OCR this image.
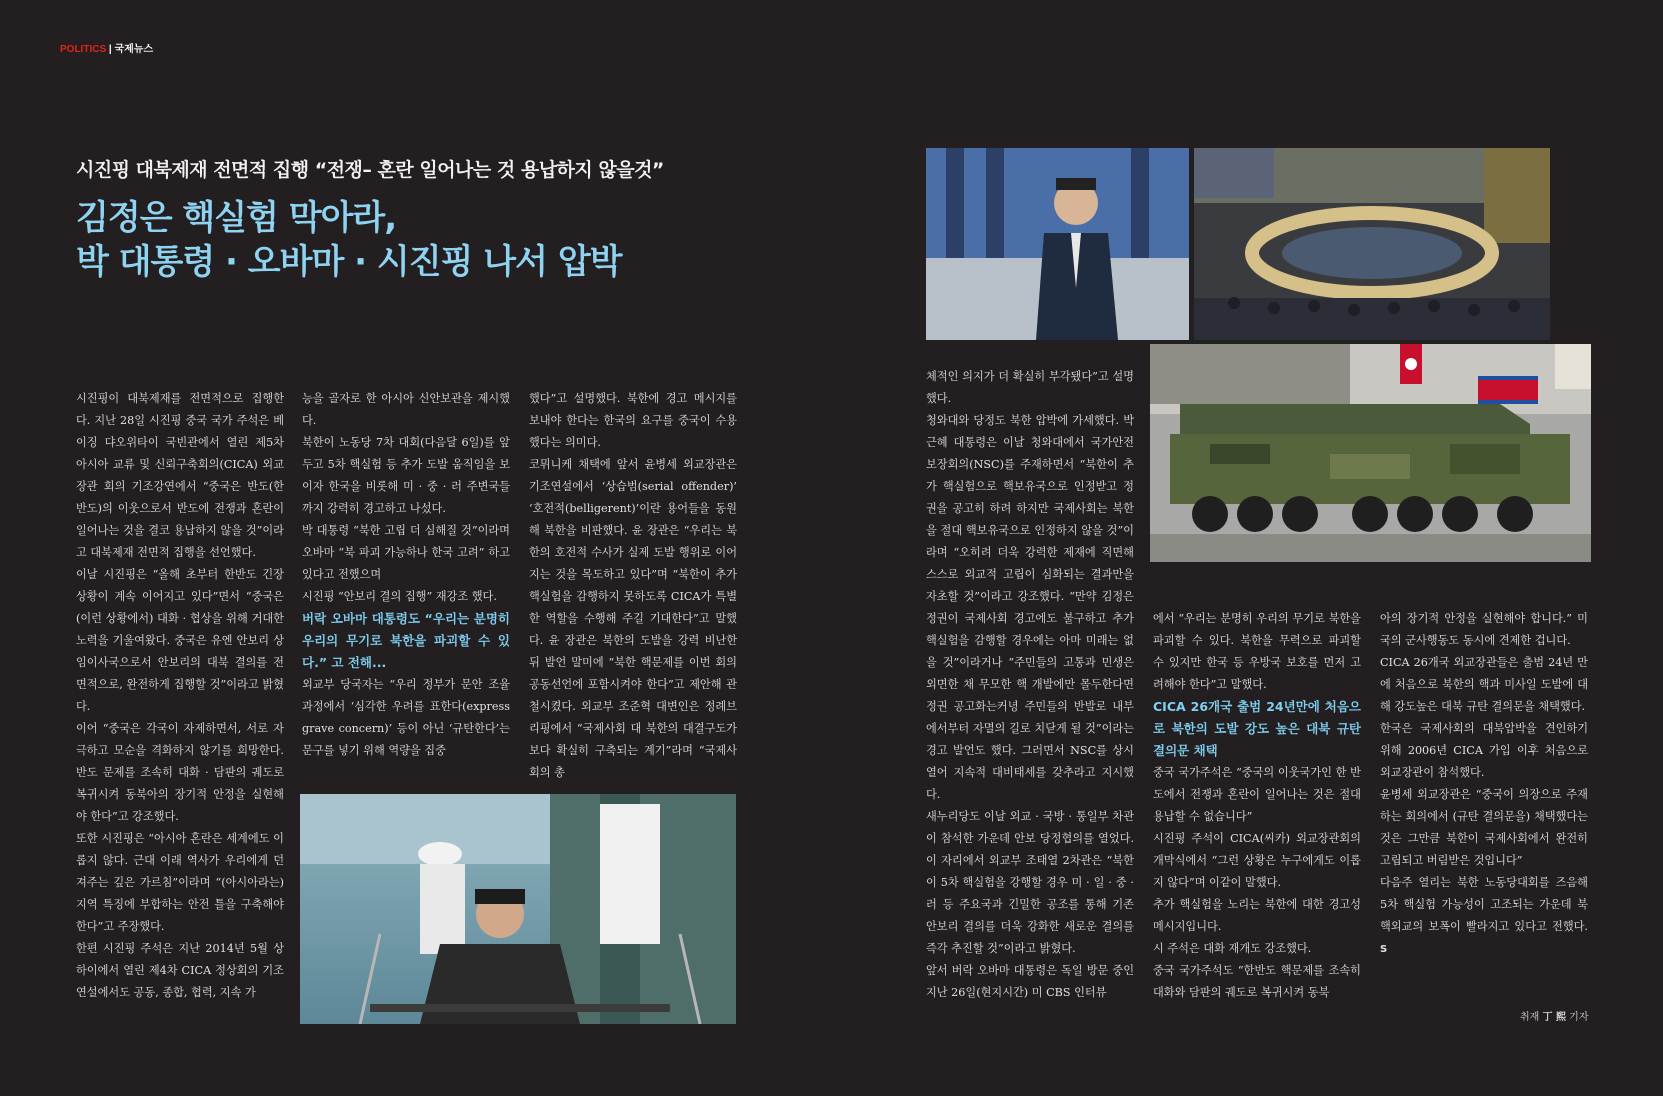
POLITICS | 국제뉴스
시진핑 대북제재 전면적 집행 “전쟁– 혼란 일어나는 것 용납하지 않을것”
김정은 핵실험 막아라,
박 대통령 · 오바마 · 시진핑 나서 압박

시진핑이 대북제재를 전면적으로 집행한다. 지난 28일 시진핑 중국 국가 주석은 베이징 댜오위타이 국빈관에서 열린 제5차 아시아 교류 및 신뢰구축회의(CICA) 외교장관 회의 기조강연에서 “중국은 반도(한반도)의 이웃으로서 반도에 전쟁과 혼란이 일어나는 것을 결코 용납하지 않을 것”이라고 대북제재 전면적 집행을 선언했다.

이날 시진핑은 “올해 초부터 한반도 긴장 상황이 계속 이어지고 있다”면서 “중국은 (이런 상황에서) 대화 · 협상을 위해 거대한 노력을 기울여왔다. 중국은 유엔 안보리 상임이사국으로서 안보리의 대북 결의를 전면적으로, 완전하게 집행할 것”이라고 밝혔다.

이어 “중국은 각국이 자제하면서, 서로 자극하고 모순을 격화하지 않기를 희망한다. 반도 문제를 조속히 대화 · 담판의 궤도로 복귀시켜 동북아의 장기적 안정을 실현해야 한다”고 강조했다.

또한 시진핑은 “아시아 혼란은 세계에도 이롭지 않다. 근대 이래 역사가 우리에게 던져주는 깊은 가르침”이라며 “(아시아라는) 지역 특징에 부합하는 안전 틀을 구축해야 한다”고 주장했다.

한편 시진핑 주석은 지난 2014년 5월 상하이에서 열린 제4차 CICA 정상회의 기조연설에서도 공동, 종합, 협력, 지속 가

능을 골자로 한 아시아 신안보관을 제시했다.

북한이 노동당 7차 대회(다음달 6일)를 앞두고 5차 핵실험 등 추가 도발 움직임을 보이자 한국을 비롯해 미 · 중 · 러 주변국들까지 강력히 경고하고 나섰다.

박 대통령 “북한 고립 더 심해질 것”이라며 오바마 “북 파괴 가능하나 한국 고려” 하고 있다고 전했으며

시진핑 “안보리 결의 집행” 재강조 했다.

버락 오바마 대통령도 “우리는 분명히 우리의 무기로 북한을 파괴할 수 있다.” 고 전해...

외교부 당국자는 “우리 정부가 문안 조율 과정에서 ‘심각한 우려를 표한다(express grave concern)’ 등이 아닌 ‘규탄한다’는 문구를 넣기 위해 역량을 집중

했다”고 설명했다. 북한에 경고 메시지를 보내야 한다는 한국의 요구를 중국이 수용했다는 의미다.

코뮈니케 채택에 앞서 윤병세 외교장관은 기조연설에서 ‘상습범(serial offender)’ ‘호전적(belligerent)’이란 용어들을 동원해 북한을 비판했다. 윤 장관은 “우리는 북한의 호전적 수사가 실제 도발 행위로 이어지는 것을 목도하고 있다”며 “북한이 추가 핵실험을 감행하지 못하도록 CICA가 특별한 역할을 수행해 주길 기대한다”고 말했다. 윤 장관은 북한의 도발을 강력 비난한 뒤 발언 말미에 “북한 핵문제를 이번 회의 공동선언에 포함시켜야 한다”고 제안해 관철시켰다. 외교부 조준혁 대변인은 정례브리핑에서 “국제사회 대 북한의 대결구도가 보다 확실히 구축되는 계기”라며 “국제사회의 총

체적인 의지가 더 확실히 부각됐다”고 설명했다.

청와대와 당정도 북한 압박에 가세했다. 박근혜 대통령은 이날 청와대에서 국가안전보장회의(NSC)를 주재하면서 “북한이 추가 핵실험으로 핵보유국으로 인정받고 정권을 공고히 하려 하지만 국제사회는 북한을 절대 핵보유국으로 인정하지 않을 것”이라며 “오히려 더욱 강력한 제재에 직면해 스스로 외교적 고립이 심화되는 결과만을 자초할 것”이라고 강조했다. “만약 김정은 정권이 국제사회 경고에도 불구하고 추가 핵실험을 감행할 경우에는 아마 미래는 없을 것”이라거나 “주민들의 고통과 민생은 외면한 채 무모한 핵 개발에만 몰두한다면 정권 공고화는커녕 주민들의 반발로 내부에서부터 자멸의 길로 치닫게 될 것”이라는 경고 발언도 했다. 그러면서 NSC를 상시 열어 지속적 대비태세를 갖추라고 지시했다.

새누리당도 이날 외교 · 국방 · 통일부 차관이 참석한 가운데 안보 당정협의를 열었다. 이 자리에서 외교부 조태열 2차관은 “북한이 5차 핵실험을 강행할 경우 미 · 일 · 중 · 러 등 주요국과 긴밀한 공조를 통해 기존 안보리 결의를 더욱 강화한 새로운 결의를 즉각 추진할 것”이라고 밝혔다.

앞서 버락 오바마 대통령은 독일 방문 중인 지난 26일(현지시간) 미 CBS 인터뷰

에서 “우리는 분명히 우리의 무기로 북한을 파괴할 수 있다. 북한을 무력으로 파괴할 수 있지만 한국 등 우방국 보호를 먼저 고려해야 한다”고 말했다.

CICA 26개국 출범 24년만에 처음으로 북한의 도발 강도 높은 대북 규탄 결의문 채택

중국 국가주석은 “중국의 이웃국가인 한 반도에서 전쟁과 혼란이 일어나는 것은 절대 용납할 수 없습니다”

시진핑 주석이 CICA(씨카) 외교장관회의 개막식에서 “그런 상황은 누구에게도 이롭지 않다”며 이같이 말했다.

추가 핵실험을 노리는 북한에 대한 경고성 메시지입니다.

시 주석은 대화 재개도 강조했다.

중국 국가주석도 “한반도 핵문제를 조속히 대화와 담판의 궤도로 복귀시켜 동북

아의 장기적 안정을 실현해야 합니다.” 미국의 군사행동도 동시에 견제한 겁니다.

CICA 26개국 외교장관들은 출범 24년 만에 처음으로 북한의 핵과 미사일 도발에 대해 강도높은 대북 규탄 결의문을 채택했다.

한국은 국제사회의 대북압박을 견인하기 위해 2006년 CICA 가입 이후 처음으로 외교장관이 참석했다.

윤병세 외교장관은 “중국이 의장으로 주재하는 회의에서 (규탄 결의문을) 채택했다는 것은 그만큼 북한이 국제사회에서 완전히 고립되고 버림받은 것입니다”

다음주 열리는 북한 노동당대회를 즈음해 5차 핵실험 가능성이 고조되는 가운데 북핵외교의 보폭이 빨라지고 있다고 전했다. S

취재 丁 熙 기자
